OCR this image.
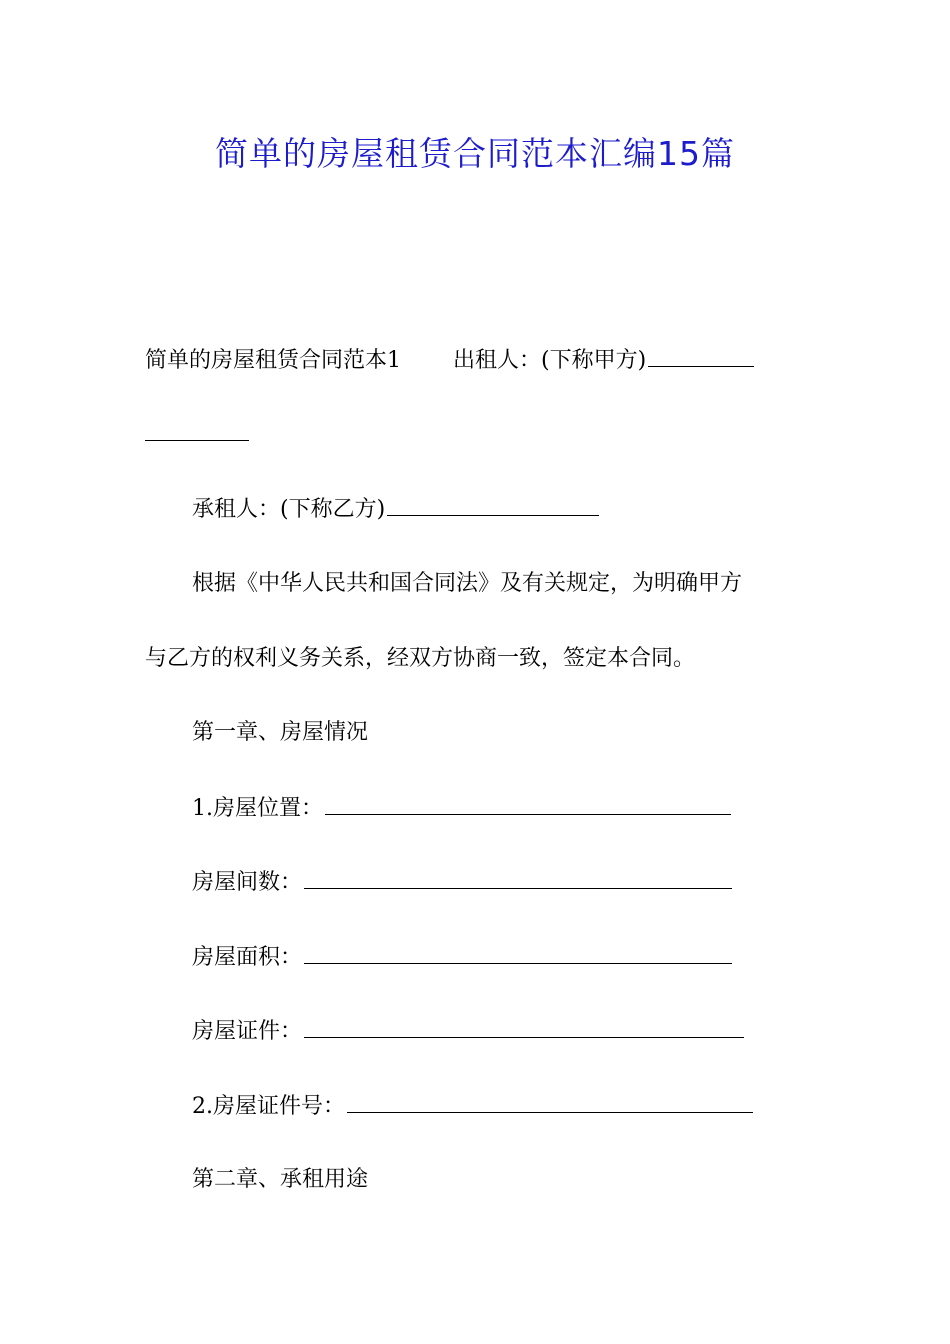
简单的房屋租赁合同范本汇编15篇
简单的房屋租赁合同范本1 出租人：(下称甲方)
承租人：(下称乙方)
根据《中华人民共和国合同法》及有关规定，为明确甲方
与乙方的权利义务关系，经双方协商一致，签定本合同。
第一章、房屋情况
1.房屋位置：
房屋间数：
房屋面积：
房屋证件：
2.房屋证件号：
第二章、承租用途
